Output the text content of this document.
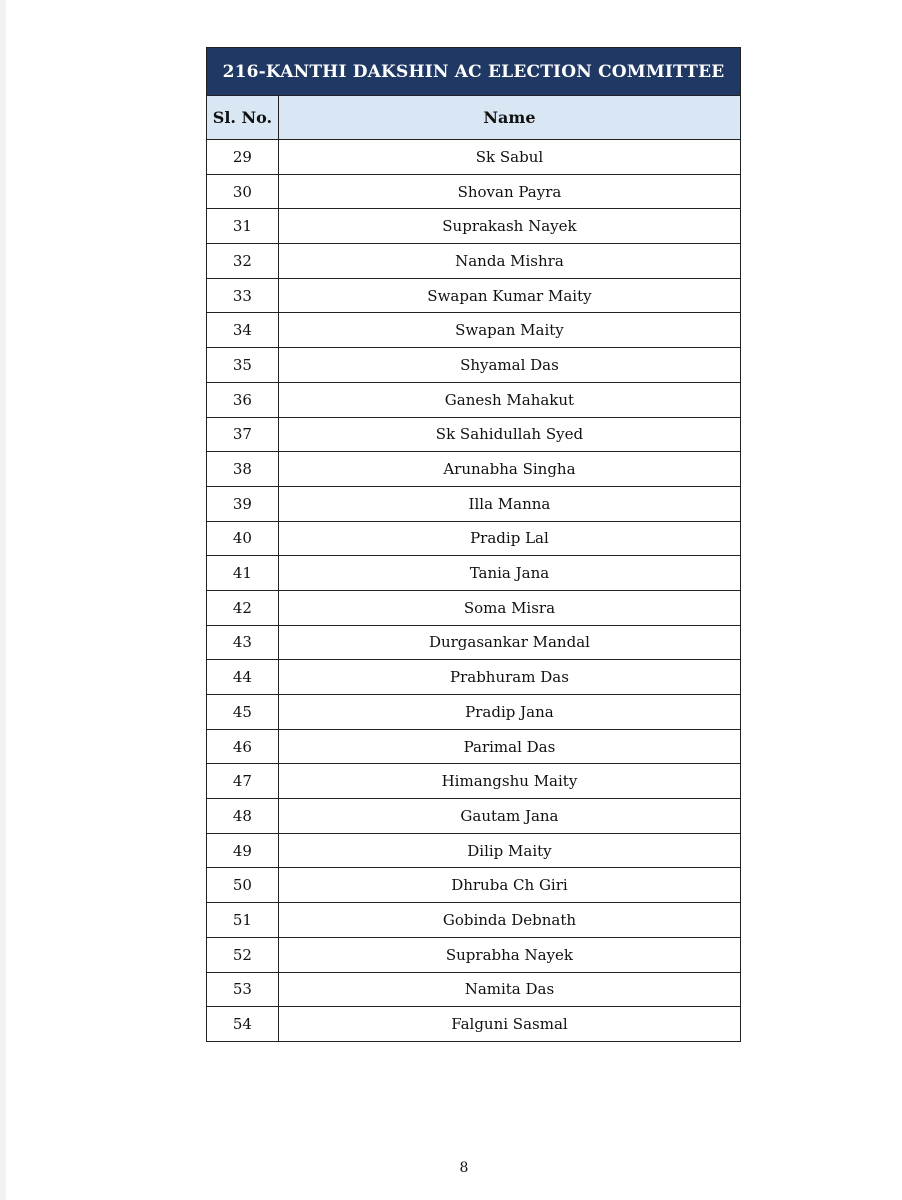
216-KANTHI DAKSHIN AC ELECTION COMMITTEE	
Sl. No.	Name
29	Sk Sabul
30	Shovan Payra
31	Suprakash Nayek
32	Nanda Mishra
33	Swapan Kumar Maity
34	Swapan Maity
35	Shyamal Das
36	Ganesh Mahakut
37	Sk Sahidullah Syed
38	Arunabha Singha
39	Illa Manna
40	Pradip Lal
41	Tania Jana
42	Soma Misra
43	Durgasankar Mandal
44	Prabhuram Das
45	Pradip Jana
46	Parimal Das
47	Himangshu Maity
48	Gautam Jana
49	Dilip Maity
50	Dhruba Ch Giri
51	Gobinda Debnath
52	Suprabha Nayek
53	Namita Das
54	Falguni Sasmal
8
